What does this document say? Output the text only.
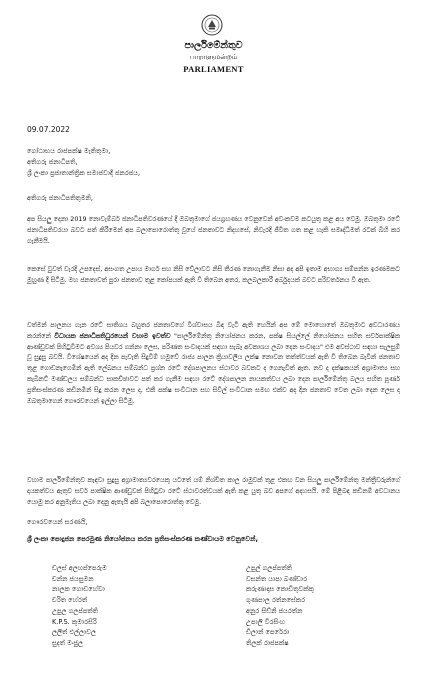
පාර්ලිමේන්තුව
பாராளுமன்றம்
PARLIAMENT
09.07.2022
ගෝඨාභය රාජපක්ෂ මැතිතුමා,
අතිගරු ජනාධිපති,
ශ්‍රී ලංකා ප්‍රජාතාන්ත්‍රික සමාජවාදී ජනරජය,
අතිගරු ජනාධිපතිතුමනි,
අප සියලු දෙනා 2019 නොවැම්බර් ජනාධිපතිවරණයේ දී ඔබතුමාගේ ජයග්‍රහණය වෙනුවෙන් අවංකවම කටයුතු කළ අය වෙමු. ඔබතුමා රටේ ජනාධිපතිවරයා බවට පත් කිරීමෙන් අප බලාපොරොත්තු වූයේ ජනතාවට නිදහසේ, නිවැරදි ජීවිත ගත කළ හැකි සමෘද්ධිමත් රටක් බිහි කර ගැනීමයි.
කෙසේ වුවත් වැරදි උපදෙස්, අසංගත උපාය මාර්ග සහ නිසි වේලාවට නිසි තීරණ නොගැනීම නිසා අද අපි ඉතාම අභාග්‍ය සම්පන්න ඉරණමකට මුහුණ දී සිටිමු. මහ ජනතාවත් පුරා ජනතාව තුළ කෝපයක් ඇති වී තිබෙන අතර, කලබලකාරී අර්බුදයක් බවට පරිවර්තනය වී ඇත.
වත්මන් පාලනය ගැන රටේ සාතිශය බහුතර ජනතාවගේ විශ්වාසය බිඳ වැටී ඇති හෙයින් අප මේ මොහොතේ ඔබතුමාට අවධාරණය කරන්නේ විධායක ජනාධිපතිධුරයෙන් වහාම ඉවත්ව "පාර්ලිමේන්තු නියෝජනය කරන, පක්ෂ සියල්ලේ නියෝජනය සහිත සර්වපාක්ෂික ආණ්ඩුවක් පිහිටුවීමට අවශ්‍ය පියවර ගන්නා ලෙස, පරිණත සංවාදයක් සඳහා සැබෑ අවකාශය ලබා දෙන සංවාදය" එම අවස්ථාව සඳහා සැලසුම් වූ සුදුසු බවයි. විශේෂයෙන් අද දින පැවැති සිදුවීම් හමුවේ රාජ්‍ය පාලන ක්‍රියාවලිය ලක්ෂ නොවන තත්ත්වයක් ඇති වී තිබෙන බැවින් ජනතාව තුළ ගොඩනැගෙමින් ඇති ලේඛනය සම්බන්ධ ප්‍රශ්න රටේ දේශපාලනය ස්ථාවර බවකට ද ගෙනැවිත් ඇත. නව ද දක්ෂකයන් අග්‍රාමාත්‍ය සහ කැබිනට් මණ්ඩලය සම්බන්ධ සාකච්ඡාවට පත් කර ගැනීම සඳහා රටේ දේශපාලන නායකත්වය ලබා දෙන පාර්ලිමේන්තු බලය සහිත පූර්ණ ප්‍රතිසංස්කරණ කඩිනමින් සිදු කරන ලෙස ද, එකී පක්ෂ සංවිධාන සහ සිවිල් සංවිධාන සමඟ එක්ව අද දින ජනතාව වෙත ලබා දෙන ලෙස ද ඔබතුමාගෙන් ගෞරවයෙන් ඉල්ලා සිටිමු.
වහාම පාර්ලිමේන්තුව කැඳවා සුදුසු අග්‍රාමාත්‍යවරයෙකු යටතේ යම් නිශ්චිත කාල රාමුවක් තුළ එකඟ වන සියලු පාර්ලිමේන්තු මන්ත්‍රීවරුන්ගේ දායකත්වය ඇතුව සර්ව පාක්ෂික ආණ්ඩුවක් පිහිටුවා රටේ ස්ථාවරත්වයක් ඇති කළ යුතු බව අපගේ අදහසයි. මේ පිළිබඳ කඩිනම් අවධානය යොමු කර අනුමැතිය ලබා දෙනු ඇතැයි අපි බලාපොරොත්තු වෙමු.
ගෞරවයෙන් සරණයි,
ශ්‍රී ලංකා පොදුජන පෙරමුණ නියෝජනය කරන ප්‍රතිසංස්කරණ කණ්ඩායම වෙනුවෙන්,
ඩලස් අලහප්පෙරුම
චන්න ජයසුමන
නාලක ගොඩහේවා
චරිත හේරත්
උපුල ගලප්පත්ති
K.P.S. කුමාරසිරි
ලලිත් එල්ලාවල
සුදත් මංජුල
උපුල් ගලප්පත්ති
වසන්ත යාපා බණ්ඩාර
කරුණාදාස කොඩිතුවක්කු
ගුණපාල රත්නසේකර
අනුර සිඩ්නි ජයරත්න
උපාලි වීරසිංහ
ඩිලාන් පෙරේරා
තිලක් රාජපක්ෂ
